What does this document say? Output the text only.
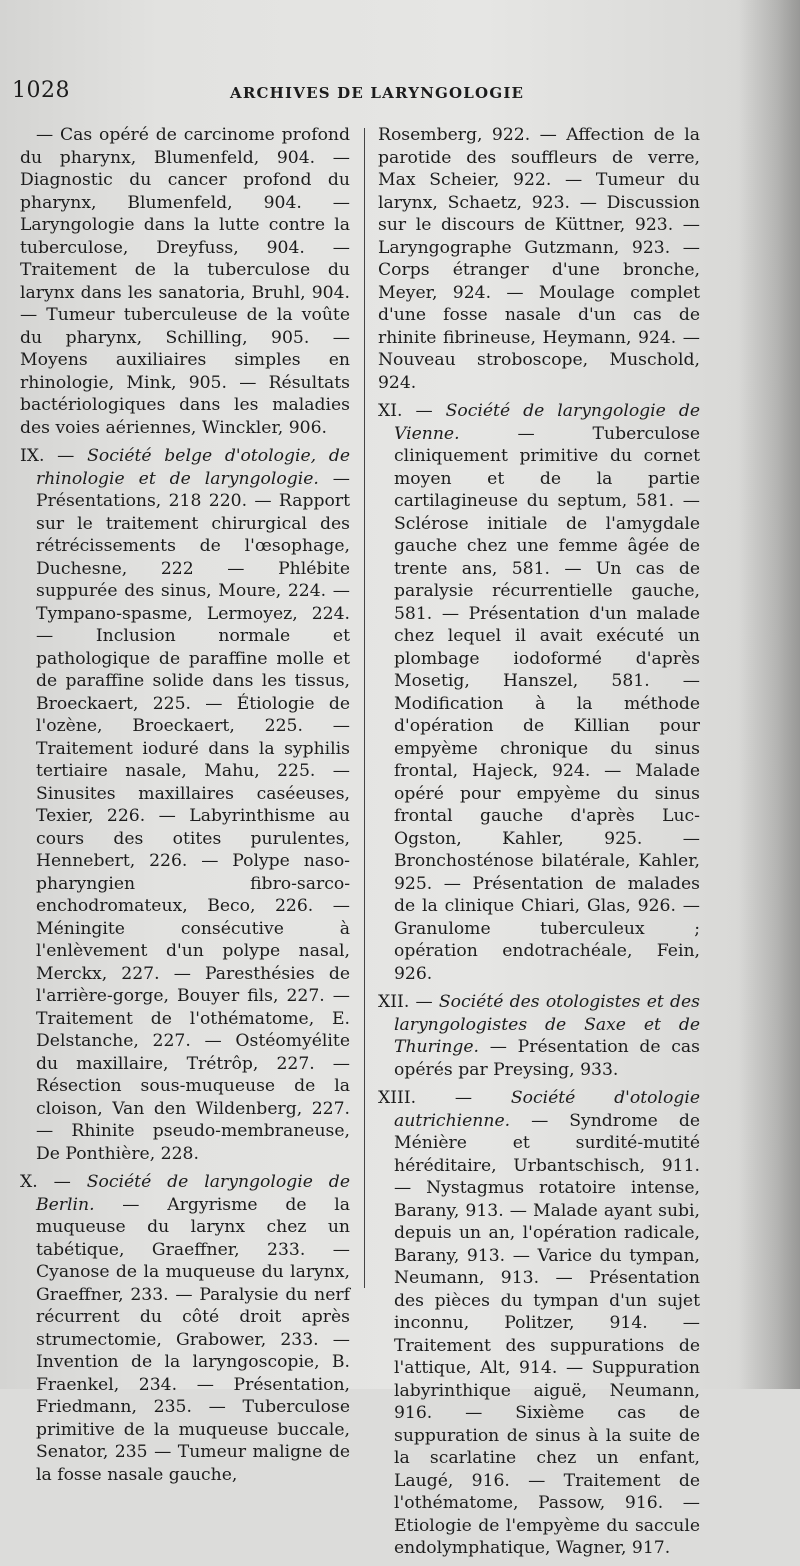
1028	ARCHIVES DE LARYNGOLOGIE

— Cas opéré de carcinome profond du pharynx, Blumenfeld, 904. — Diagnostic du cancer profond du pharynx, Blumenfeld, 904. — Laryngologie dans la lutte contre la tuberculose, Dreyfuss, 904. — Traitement de la tuberculose du larynx dans les sanatoria, Bruhl, 904. — Tumeur tuberculeuse de la voûte du pharynx, Schilling, 905. — Moyens auxiliaires simples en rhinologie, Mink, 905. — Résultats bactériologiques dans les maladies des voies aériennes, Winckler, 906.

IX. — Société belge d'otologie, de rhinologie et de laryngologie. — Présentations, 218 220. — Rapport sur le traitement chirurgical des rétrécissements de l'œsophage, Duchesne, 222 — Phlébite suppurée des sinus, Moure, 224. — Tympano-spasme, Lermoyez, 224. — Inclusion normale et pathologique de paraffine molle et de paraffine solide dans les tissus, Broeckaert, 225. — Étiologie de l'ozène, Broeckaert, 225. — Traitement ioduré dans la syphilis tertiaire nasale, Mahu, 225. — Sinusites maxillaires caséeuses, Texier, 226. — Labyrinthisme au cours des otites purulentes, Hennebert, 226. — Polype naso-pharyngien fibro-sarco-enchodromateux, Beco, 226. — Méningite consécutive à l'enlèvement d'un polype nasal, Merckx, 227. — Paresthésies de l'arrière-gorge, Bouyer fils, 227. — Traitement de l'othématome, E. Delstanche, 227. — Ostéomyélite du maxillaire, Trétrôp, 227. — Résection sous-muqueuse de la cloison, Van den Wildenberg, 227. — Rhinite pseudo-membraneuse, De Ponthière, 228.

X. — Société de laryngologie de Berlin. — Argyrisme de la muqueuse du larynx chez un tabétique, Graeffner, 233. — Cyanose de la muqueuse du larynx, Graeffner, 233. — Paralysie du nerf récurrent du côté droit après strumectomie, Grabower, 233. — Invention de la laryngoscopie, B. Fraenkel, 234. — Présentation, Friedmann, 235. — Tuberculose primitive de la muqueuse buccale, Senator, 235 — Tumeur maligne de la fosse nasale gauche,

Rosemberg, 922. — Affection de la parotide des souffleurs de verre, Max Scheier, 922. — Tumeur du larynx, Schaetz, 923. — Discussion sur le discours de Küttner, 923. — Laryngographe Gutzmann, 923. — Corps étranger d'une bronche, Meyer, 924. — Moulage complet d'une fosse nasale d'un cas de rhinite fibrineuse, Heymann, 924. — Nouveau stroboscope, Muschold, 924.

XI. — Société de laryngologie de Vienne. — Tuberculose cliniquement primitive du cornet moyen et de la partie cartilagineuse du septum, 581. — Sclérose initiale de l'amygdale gauche chez une femme âgée de trente ans, 581. — Un cas de paralysie récurrentielle gauche, 581. — Présentation d'un malade chez lequel il avait exécuté un plombage iodoformé d'après Mosetig, Hanszel, 581. — Modification à la méthode d'opération de Killian pour empyème chronique du sinus frontal, Hajeck, 924. — Malade opéré pour empyème du sinus frontal gauche d'après Luc-Ogston, Kahler, 925. — Bronchosténose bilatérale, Kahler, 925. — Présentation de malades de la clinique Chiari, Glas, 926. — Granulome tuberculeux ; opération endotrachéale, Fein, 926.

XII. — Société des otologistes et des laryngologistes de Saxe et de Thuringe. — Présentation de cas opérés par Preysing, 933.

XIII. — Société d'otologie autrichienne. — Syndrome de Ménière et surdité-mutité héréditaire, Urbantschisch, 911. — Nystagmus rotatoire intense, Barany, 913. — Malade ayant subi, depuis un an, l'opération radicale, Barany, 913. — Varice du tympan, Neumann, 913. — Présentation des pièces du tympan d'un sujet inconnu, Politzer, 914. — Traitement des suppurations de l'attique, Alt, 914. — Suppuration labyrinthique aiguë, Neumann, 916. — Sixième cas de suppuration de sinus à la suite de la scarlatine chez un enfant, Laugé, 916. — Traitement de l'othématome, Passow, 916. — Etiologie de l'empyème du saccule endolymphatique, Wagner, 917.
